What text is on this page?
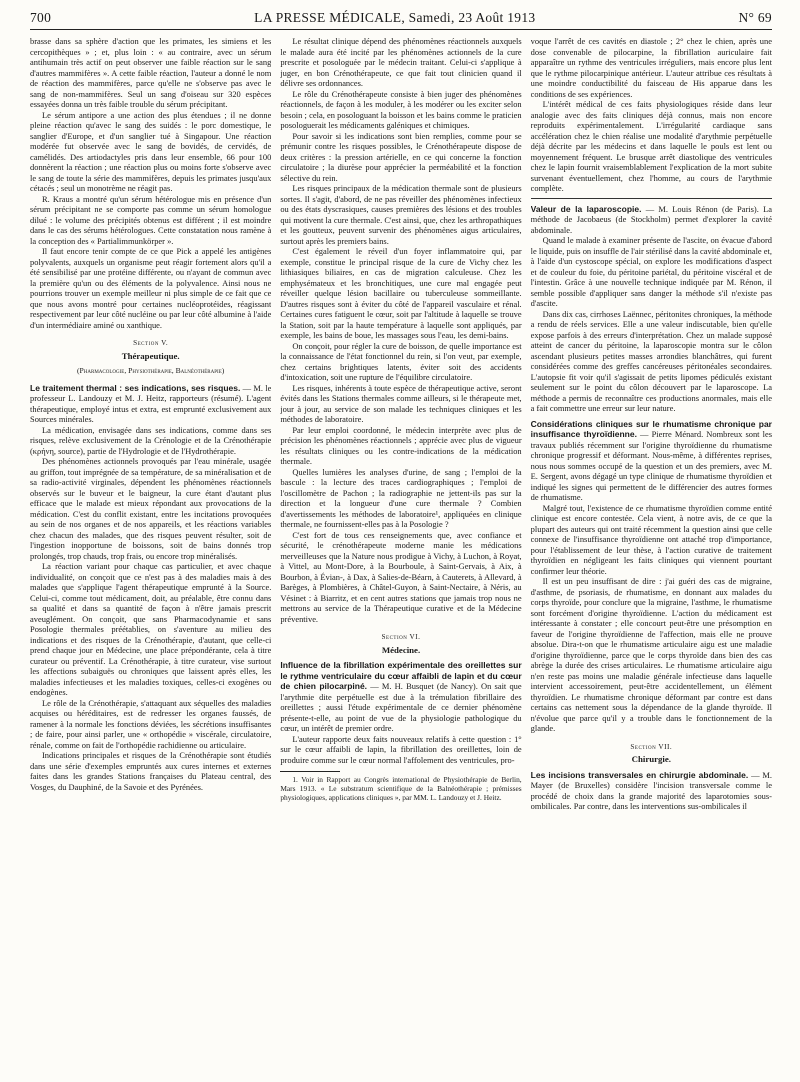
700	LA PRESSE MÉDICALE, Samedi, 23 Août 1913	N° 69

brasse dans sa sphère d'action que les primates, les simiens et les cercopithèques » ; et, plus loin : « au contraire, avec un sérum antihumain très actif on peut observer une faible réaction sur le sang d'autres mammifères ». A cette faible réaction, l'auteur a donné le nom de réaction des mammifères, parce qu'elle ne s'observe pas avec le sang de non-mammifères. Seul un sang d'oiseau sur 320 espèces essayées donna un très faible trouble du sérum précipitant.

Le sérum antipore a une action des plus étendues ; il ne donne pleine réaction qu'avec le sang des suidés : le porc domestique, le sanglier d'Europe, et d'un sanglier tué à Singapour. Une réaction modérée fut observée avec le sang de bovidés, de cervidés, de camélidés. Des artiodactyles pris dans leur ensemble, 66 pour 100 donnèrent la réaction ; une réaction plus ou moins forte s'observe avec le sang de toute la série des mammifères, depuis les primates jusqu'aux cétacés ; seul un monotrème ne réagit pas.

R. Kraus a montré qu'un sérum hétérologue mis en présence d'un sérum précipitant ne se comporte pas comme un sérum homologue dilué : le volume des précipités obtenus est différent ; il est moindre dans le cas des sérums hétérologues. Cette constatation nous ramène à la conception des « Partialimmunkörper ».

Il faut encore tenir compte de ce que Pick a appelé les antigènes polyvalents, auxquels un organisme peut réagir fortement alors qu'il a été sensibilisé par une protéine différente, ou n'ayant de commun avec la première qu'un ou des éléments de la polyvalence. Ainsi nous ne pourrions trouver un exemple meilleur ni plus simple de ce fait que ce que nous avons montré pour certaines nucléoprotéides, réagissant respectivement par leur côté nucléine ou par leur côté albumine à l'aide d'un intermédiaire aminé ou xanthique.

Section V.
Thérapeutique.
(Pharmacologie, Physiothérapie, Balnéothérapie)

Le traitement thermal : ses indications, ses risques. — M. le professeur L. Landouzy et M. J. Heitz, rapporteurs (résumé). L'agent thérapeutique, employé intus et extra, est emprunté exclusivement aux Sources minérales.

La médication, envisagée dans ses indications, comme dans ses risques, relève exclusivement de la Crénologie et de la Crénothérapie (κρήνη, source), partie de l'Hydrologie et de l'Hydrothérapie.

Des phénomènes actionnels provoqués par l'eau minérale, usagée au griffon, tout imprégnée de sa température, de sa minéralisation et de sa radio-activité virginales, dépendent les phénomènes réactionnels observés sur le buveur et le baigneur, la cure étant d'autant plus efficace que le malade est mieux répondant aux provocations de la médication. C'est du conflit existant, entre les incitations provoquées au sein de nos organes et de nos appareils, et les réactions variables chez chacun des malades, que des risques peuvent résulter, soit de l'ingestion inopportune de boissons, soit de bains donnés trop prolongés, trop chauds, trop frais, ou encore trop minéralisés.

La réaction variant pour chaque cas particulier, et avec chaque individualité, on conçoit que ce n'est pas à des maladies mais à des malades que s'applique l'agent thérapeutique emprunté à la Source. Celui-ci, comme tout médicament, doit, au préalable, être connu dans sa qualité et dans sa quantité de façon à n'être jamais prescrit aveuglément. On conçoit, que sans Pharmacodynamie et sans Posologie thermales préétablies, on s'aventure au milieu des indications et des risques de la Crénothérapie, d'autant, que celle-ci prend chaque jour en Médecine, une place prépondérante, cela à titre curateur ou préventif. La Crénothérapie, à titre curateur, vise surtout les affections subaiguës ou chroniques que laissent après elles, les maladies infectieuses et les maladies toxiques, celles-ci exogènes ou endogènes.

Le rôle de la Crénothérapie, s'attaquant aux séquelles des maladies acquises ou héréditaires, est de redresser les organes faussés, de ramener à la normale les fonctions déviées, les sécrétions insuffisantes ; de faire, pour ainsi parler, une « orthopédie » viscérale, circulatoire, rénale, comme on fait de l'orthopédie rachidienne ou articulaire.

Indications principales et risques de la Crénothérapie sont étudiés dans une série d'exemples empruntés aux cures internes et externes faites dans les grandes Stations françaises du Plateau central, des Vosges, du Dauphiné, de la Savoie et des Pyrénées.

Le résultat clinique dépend des phénomènes réactionnels auxquels le malade aura été incité par les phénomènes actionnels de la cure prescrite et posologuée par le médecin traitant. Celui-ci s'applique à juger, en bon Crénothérapeute, ce que fait tout clinicien quand il délivre ses ordonnances.

Le rôle du Crénothérapeute consiste à bien juger des phénomènes réactionnels, de façon à les moduler, à les modérer ou les exciter selon besoin ; cela, en posologuant la boisson et les bains comme le praticien posologuerait les médicaments galéniques et chimiques.

Pour savoir si les indications sont bien remplies, comme pour se prémunir contre les risques possibles, le Crénothérapeute dispose de deux critères : la pression artérielle, en ce qui concerne la fonction circulatoire ; la diurèse pour apprécier la perméabilité et la fonction sélective du rein.

Les risques principaux de la médication thermale sont de plusieurs sortes. Il s'agit, d'abord, de ne pas réveiller des phénomènes infectieux ou des états dyscrasiques, causes premières des lésions et des troubles qui motivent la cure thermale. C'est ainsi, que, chez les arthropathiques et les goutteux, peuvent survenir des phénomènes aigus articulaires, surtout après les premiers bains.

C'est également le réveil d'un foyer inflammatoire qui, par exemple, constitue le principal risque de la cure de Vichy chez les lithiasiques biliaires, en cas de migration calculeuse. Chez les emphysémateux et les bronchitiques, une cure mal engagée peut réveiller quelque lésion bacillaire ou tuberculeuse sommeillante. D'autres risques sont à éviter du côté de l'appareil vasculaire et rénal. Certaines cures fatiguent le cœur, soit par l'altitude à laquelle se trouve la Station, soit par la haute température à laquelle sont appliqués, par exemple, les bains de boue, les massages sous l'eau, les demi-bains.

On conçoit, pour régler la cure de boisson, de quelle importance est la connaissance de l'état fonctionnel du rein, si l'on veut, par exemple, chez certains brightiques latents, éviter soit des accidents d'intoxication, soit une rupture de l'équilibre circulatoire.

Les risques, inhérents à toute espèce de thérapeutique active, seront évités dans les Stations thermales comme ailleurs, si le thérapeute met, jour à jour, au service de son malade les techniques cliniques et les méthodes de laboratoire.

Par leur emploi coordonné, le médecin interprète avec plus de précision les phénomènes réactionnels ; apprécie avec plus de vigueur les résultats cliniques ou les contre-indications de la médication thermale.

Quelles lumières les analyses d'urine, de sang ; l'emploi de la bascule : la lecture des traces cardiographiques ; l'emploi de l'oscillomètre de Pachon ; la radiographie ne jettent-ils pas sur la direction et la longueur d'une cure thermale ? Combien d'avertissements les méthodes de laboratoire¹, appliquées en clinique thermale, ne fournissent-elles pas à la Posologie ?

C'est fort de tous ces renseignements que, avec confiance et sécurité, le crénothérapeute moderne manie les médications merveilleuses que la Nature nous prodigue à Vichy, à Luchon, à Royat, à Vittel, au Mont-Dore, à la Bourboule, à Saint-Gervais, à Aix, à Bourbon, à Évian-, à Dax, à Salies-de-Béarn, à Cauterets, à Allevard, à Barèges, à Plombières, à Châtel-Guyon, à Saint-Nectaire, à Néris, au Vésinet : à Biarritz, et en cent autres stations que jamais trop nous ne mettrons au service de la Thérapeutique curative et de la Médecine préventive.

Section VI.
Médecine.

Influence de la fibrillation expérimentale des oreillettes sur le rythme ventriculaire du cœur affaibli de lapin et du cœur de chien pilocarpiné. — M. H. Busquet (de Nancy). On sait que l'arythmie dite perpétuelle est due à la trémulation fibrillaire des oreillettes ; aussi l'étude expérimentale de ce dernier phénomène présente-t-elle, au point de vue de la physiologie pathologique du cœur, un intérêt de premier ordre.

L'auteur rapporte deux faits nouveaux relatifs à cette question : 1° sur le cœur affaibli de lapin, la fibrillation des oreillettes, loin de produire comme sur le cœur normal l'affolement des ventricules, pro-

1. Voir in Rapport au Congrès international de Physiothérapie de Berlin, Mars 1913. « Le substratum scientifique de la Balnéothérapie ; prémisses physiologiques, applications cliniques », par MM. L. Landouzy et J. Heitz.

voque l'arrêt de ces cavités en diastole ; 2° chez le chien, après une dose convenable de pilocarpine, la fibrillation auriculaire fait apparaître un rythme des ventricules irréguliers, mais encore plus lent que le rythme pilocarpinique antérieur. L'auteur attribue ces résultats à une moindre conductibilité du faisceau de His apparue dans les conditions de ses expériences.

L'intérêt médical de ces faits physiologiques réside dans leur analogie avec des faits cliniques déjà connus, mais non encore reproduits expérimentalement. L'irrégularité cardiaque sans accélération chez le chien réalise une modalité d'arythmie perpétuelle déjà décrite par les médecins et dans laquelle le pouls est lent ou moyennement fréquent. Le brusque arrêt diastolique des ventricules chez le lapin fournit vraisemblablement l'explication de la mort subite survenant éventuellement, chez l'homme, au cours de l'arythmie complète.

Valeur de la laparoscopie. — M. Louis Rénon (de Paris). La méthode de Jacobaeus (de Stockholm) permet d'explorer la cavité abdominale.

Quand le malade à examiner présente de l'ascite, on évacue d'abord le liquide, puis on insuffle de l'air stérilisé dans la cavité abdominale et, à l'aide d'un cystoscope spécial, on explore les modifications d'aspect et de couleur du foie, du péritoine pariétal, du péritoine viscéral et de l'intestin. Grâce à une nouvelle technique indiquée par M. Rénon, il semble possible d'appliquer sans danger la méthode s'il n'existe pas d'ascite.

Dans dix cas, cirrhoses Laënnec, péritonites chroniques, la méthode a rendu de réels services. Elle a une valeur indiscutable, bien qu'elle expose parfois à des erreurs d'interprétation. Chez un malade supposé atteint de cancer du péritoine, la laparoscopie montra sur le côlon ascendant plusieurs petites masses arrondies blanchâtres, qui furent considérées comme des greffes cancéreuses péritonéales secondaires. L'autopsie fit voir qu'il s'agissait de petits lipomes pédiculés existant seulement sur le point du côlon découvert par le laparoscope. La méthode a permis de reconnaître ces productions anormales, mais elle a fait commettre une erreur sur leur nature.

Considérations cliniques sur le rhumatisme chronique par insuffisance thyroïdienne. — Pierre Ménard. Nombreux sont les travaux publiés récemment sur l'origine thyroïdienne du rhumatisme chronique progressif et déformant. Nous-même, à différentes reprises, nous nous sommes occupé de la question et un des premiers, avec M. E. Sergent, avons dégagé un type clinique de rhumatisme thyroïdien et indiqué les signes qui permettent de le différencier des autres formes de rhumatisme.

Malgré tout, l'existence de ce rhumatisme thyroïdien comme entité clinique est encore contestée. Cela vient, à notre avis, de ce que la plupart des auteurs qui ont traité récemment la question ainsi que celle connexe de l'insuffisance thyroïdienne ont attaché trop d'importance, pour l'établissement de leur thèse, à l'action curative de traitement thyroïdien en négligeant les faits cliniques qui viennent pourtant confirmer leur théorie.

Il est un peu insuffisant de dire : j'ai guéri des cas de migraine, d'asthme, de psoriasis, de rhumatisme, en donnant aux malades du corps thyroïde, pour conclure que la migraine, l'asthme, le rhumatisme sont forcément d'origine thyroïdienne. L'action du médicament est intéressante à constater ; elle concourt peut-être une présomption en faveur de l'origine thyroïdienne de l'affection, mais elle ne prouve absolue. Dira-t-on que le rhumatisme articulaire aigu est une maladie d'origine thyroïdienne, parce que le corps thyroïde dans bien des cas abrège la durée des crises articulaires. Le rhumatisme articulaire aigu n'en reste pas moins une maladie générale infectieuse dans laquelle intervient accessoirement, peut-être accidentellement, un élément thyroïdien. Le rhumatisme chronique déformant par contre est dans certains cas nettement sous la dépendance de la glande thyroïde. Il n'évolue que parce qu'il y a trouble dans le fonctionnement de la glande.

Section VII.
Chirurgie.

Les incisions transversales en chirurgie abdominale. — M. Mayer (de Bruxelles) considère l'incision transversale comme le procédé de choix dans la grande majorité des laparotomies sous-ombilicales. Par contre, dans les interventions sus-ombilicales il
